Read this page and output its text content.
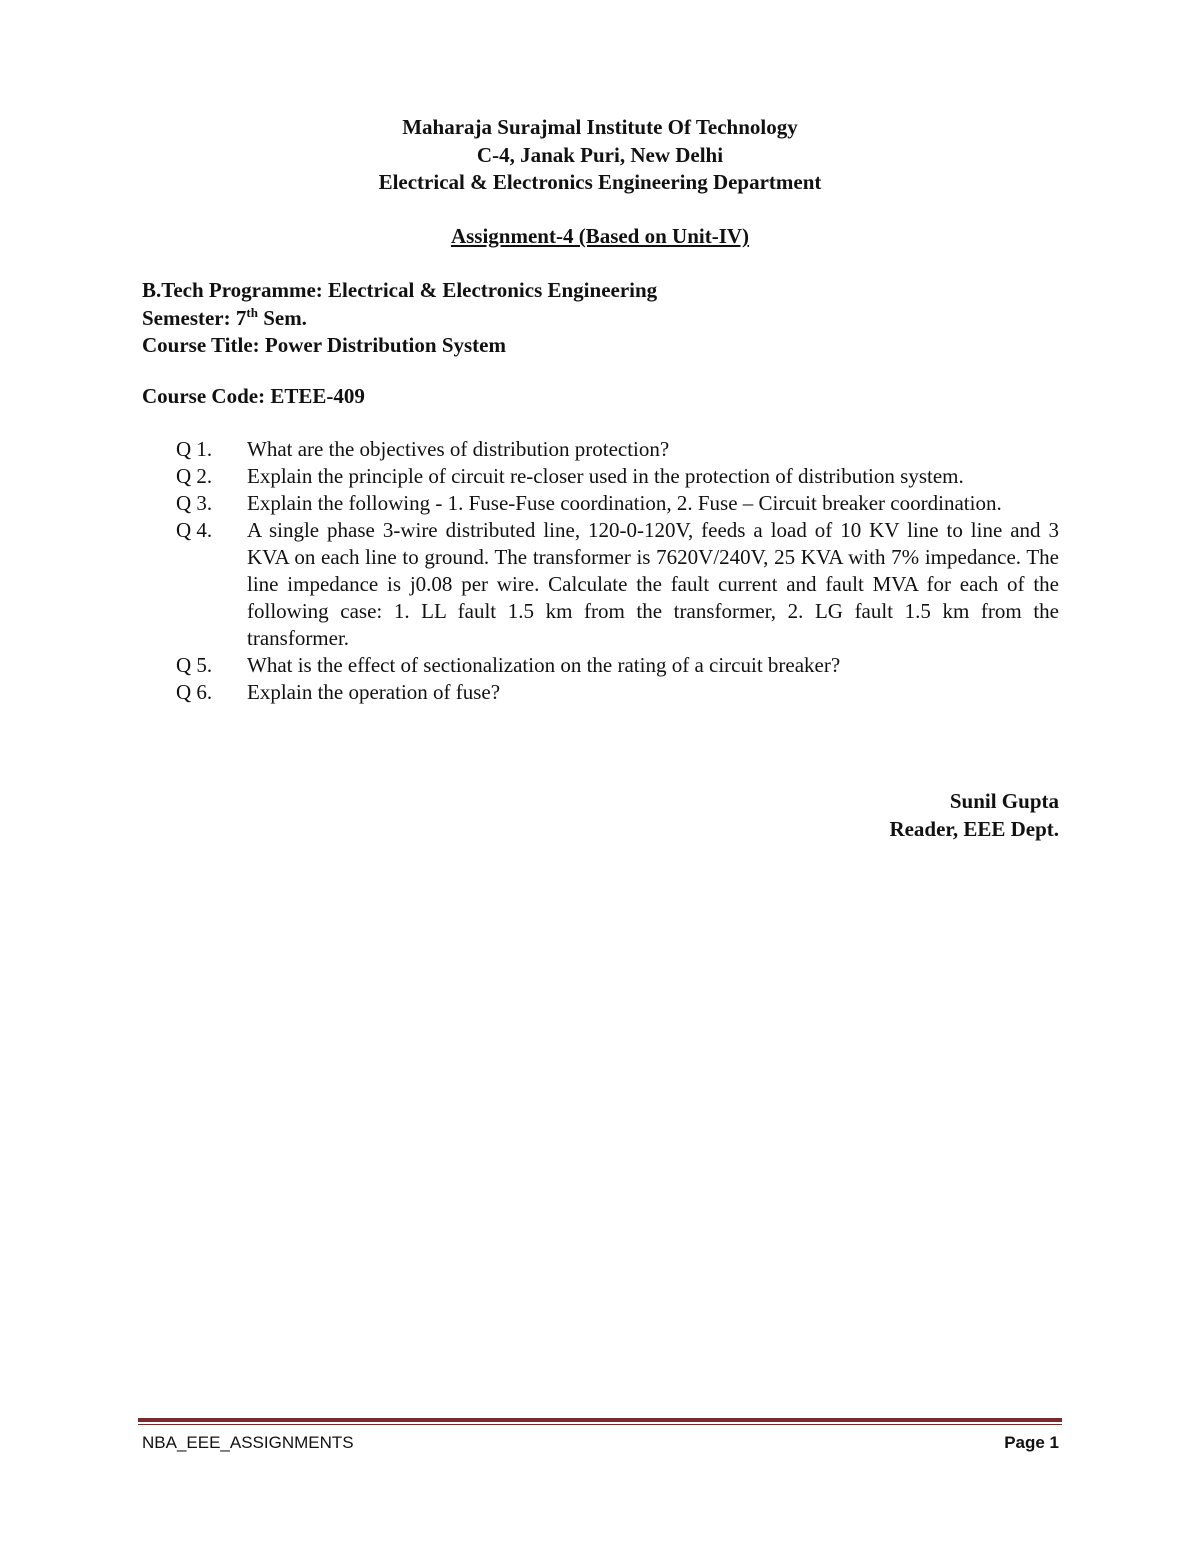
Maharaja Surajmal Institute Of Technology
C-4, Janak Puri, New Delhi
Electrical & Electronics Engineering Department
Assignment-4 (Based on Unit-IV)
B.Tech Programme: Electrical & Electronics Engineering
Semester: 7th Sem.
Course Title: Power Distribution System
Course Code: ETEE-409
Q 1.	What are the objectives of distribution protection?
Q 2.	Explain the principle of circuit re-closer used in the protection of distribution system.
Q 3.	Explain the following - 1. Fuse-Fuse coordination, 2. Fuse – Circuit breaker coordination.
Q 4.	A single phase 3-wire distributed line, 120-0-120V, feeds a load of 10 KV line to line and 3 KVA on each line to ground. The transformer is 7620V/240V, 25 KVA with 7% impedance. The line impedance is j0.08 per wire. Calculate the fault current and fault MVA for each of the following case: 1. LL fault 1.5 km from the transformer, 2. LG fault 1.5 km from the transformer.
Q 5.	What is the effect of sectionalization on the rating of a circuit breaker?
Q 6.	Explain the operation of fuse?
Sunil Gupta
Reader, EEE Dept.
NBA_EEE_ASSIGNMENTS	Page 1
